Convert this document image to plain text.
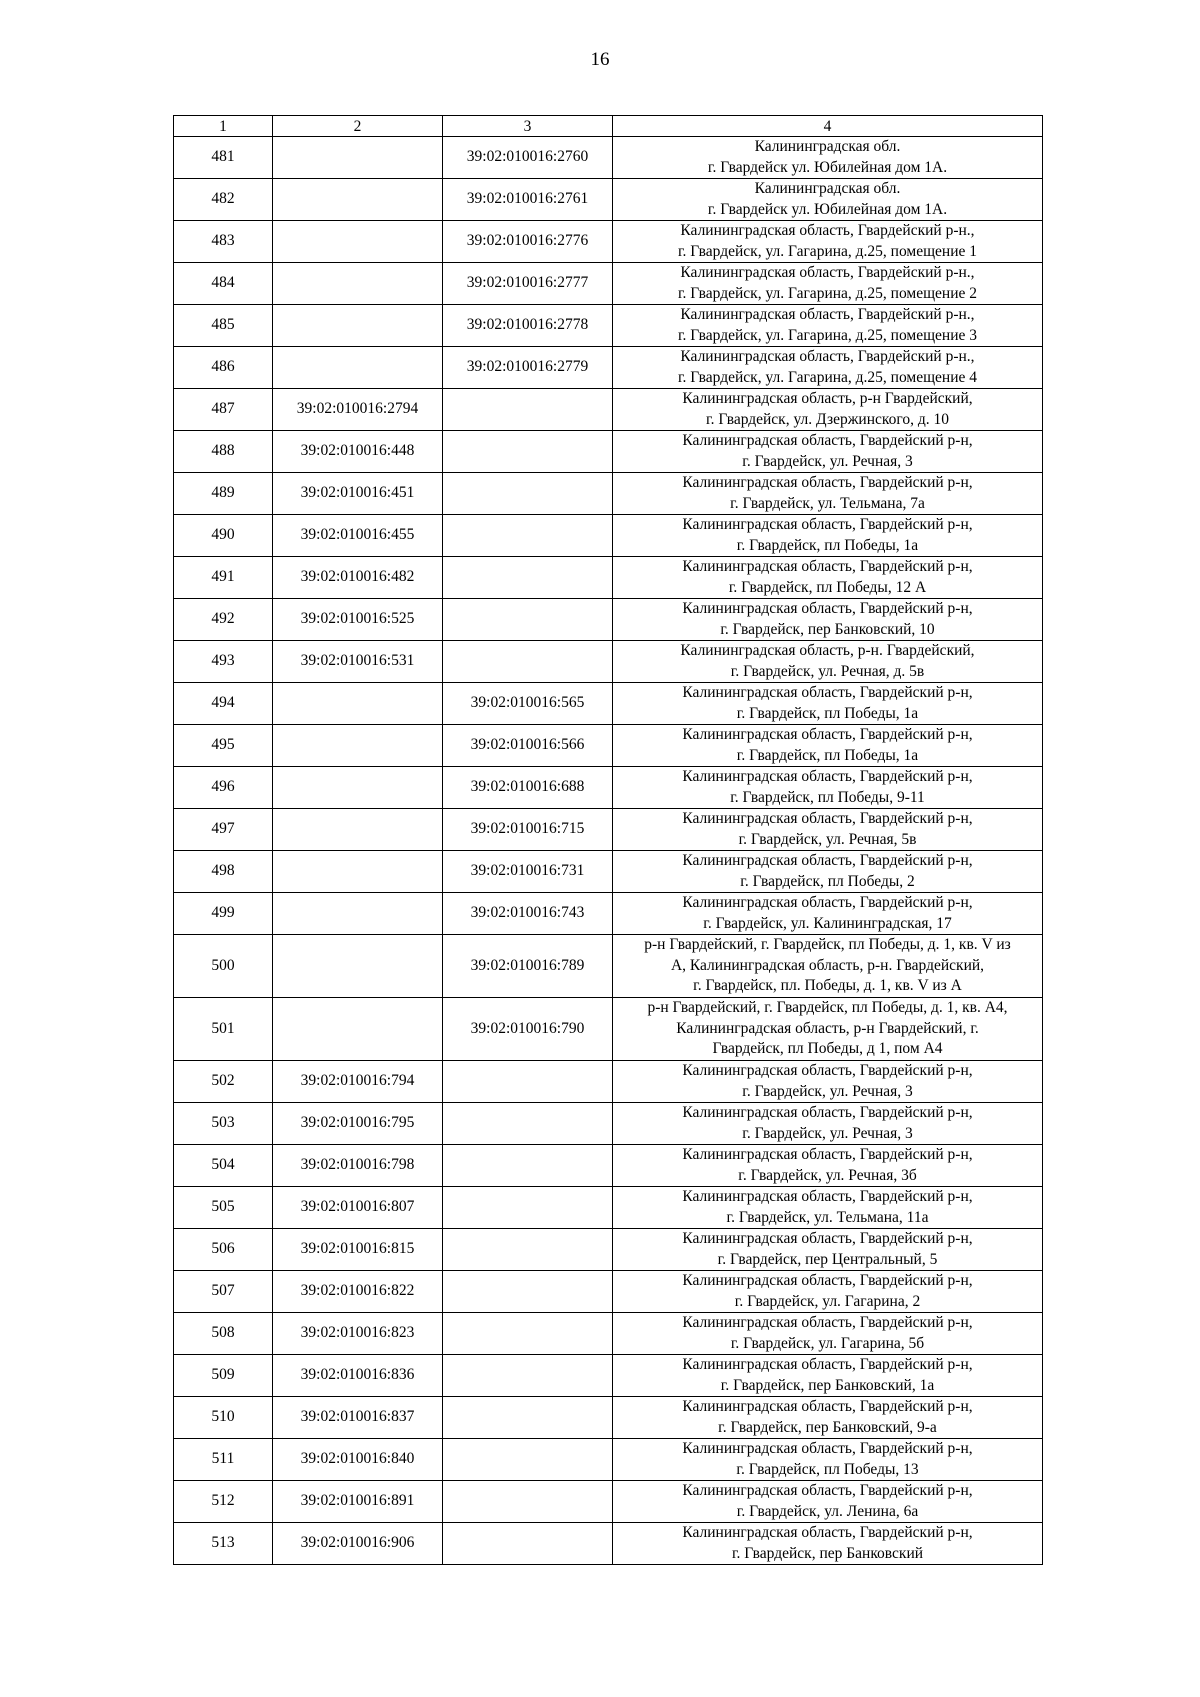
16
1	2	3	4
481		39:02:010016:2760	Калининградская обл.
г. Гвардейск ул. Юбилейная дом 1А.

482		39:02:010016:2761	Калининградская обл.
г. Гвардейск ул. Юбилейная дом 1А.

483		39:02:010016:2776	Калининградская область, Гвардейский р-н.,
г. Гвардейск, ул. Гагарина, д.25, помещение 1

484		39:02:010016:2777	Калининградская область, Гвардейский р-н.,
г. Гвардейск, ул. Гагарина, д.25, помещение 2

485		39:02:010016:2778	Калининградская область, Гвардейский р-н.,
г. Гвардейск, ул. Гагарина, д.25, помещение 3

486		39:02:010016:2779	Калининградская область, Гвардейский р-н.,
г. Гвардейск, ул. Гагарина, д.25, помещение 4

487	39:02:010016:2794		Калининградская область, р-н Гвардейский,
г. Гвардейск, ул. Дзержинского, д. 10

488	39:02:010016:448		Калининградская область, Гвардейский р-н,
г. Гвардейск, ул. Речная, 3

489	39:02:010016:451		Калининградская область, Гвардейский р-н,
г. Гвардейск, ул. Тельмана, 7а

490	39:02:010016:455		Калининградская область, Гвардейский р-н,
г. Гвардейск, пл Победы, 1а

491	39:02:010016:482		Калининградская область, Гвардейский р-н,
г. Гвардейск, пл Победы, 12 А

492	39:02:010016:525		Калининградская область, Гвардейский р-н,
г. Гвардейск, пер Банковский, 10

493	39:02:010016:531		Калининградская область, р-н. Гвардейский,
г. Гвардейск, ул. Речная, д. 5в

494		39:02:010016:565	Калининградская область, Гвардейский р-н,
г. Гвардейск, пл Победы, 1а

495		39:02:010016:566	Калининградская область, Гвардейский р-н,
г. Гвардейск, пл Победы, 1а

496		39:02:010016:688	Калининградская область, Гвардейский р-н,
г. Гвардейск, пл Победы, 9-11

497		39:02:010016:715	Калининградская область, Гвардейский р-н,
г. Гвардейск, ул. Речная, 5в

498		39:02:010016:731	Калининградская область, Гвардейский р-н,
г. Гвардейск, пл Победы, 2

499		39:02:010016:743	Калининградская область, Гвардейский р-н,
г. Гвардейск, ул. Калининградская, 17

500		39:02:010016:789	р-н Гвардейский, г. Гвардейск, пл Победы, д. 1, кв. V из
А, Калининградская область, р-н. Гвардейский,
г. Гвардейск, пл. Победы, д. 1, кв. V из А

501		39:02:010016:790	р-н Гвардейский, г. Гвардейск, пл Победы, д. 1, кв. А4,
Калининградская область, р-н Гвардейский, г.
Гвардейск, пл Победы, д 1, пом А4

502	39:02:010016:794		Калининградская область, Гвардейский р-н,
г. Гвардейск, ул. Речная, 3

503	39:02:010016:795		Калининградская область, Гвардейский р-н,
г. Гвардейск, ул. Речная, 3

504	39:02:010016:798		Калининградская область, Гвардейский р-н,
г. Гвардейск, ул. Речная, 3б

505	39:02:010016:807		Калининградская область, Гвардейский р-н,
г. Гвардейск, ул. Тельмана, 11а

506	39:02:010016:815		Калининградская область, Гвардейский р-н,
г. Гвардейск, пер Центральный, 5

507	39:02:010016:822		Калининградская область, Гвардейский р-н,
г. Гвардейск, ул. Гагарина, 2

508	39:02:010016:823		Калининградская область, Гвардейский р-н,
г. Гвардейск, ул. Гагарина, 5б

509	39:02:010016:836		Калининградская область, Гвардейский р-н,
г. Гвардейск, пер Банковский, 1а

510	39:02:010016:837		Калининградская область, Гвардейский р-н,
г. Гвардейск, пер Банковский, 9-а

511	39:02:010016:840		Калининградская область, Гвардейский р-н,
г. Гвардейск, пл Победы, 13

512	39:02:010016:891		Калининградская область, Гвардейский р-н,
г. Гвардейск, ул. Ленина, 6а

513	39:02:010016:906		Калининградская область, Гвардейский р-н,
г. Гвардейск, пер Банковский
